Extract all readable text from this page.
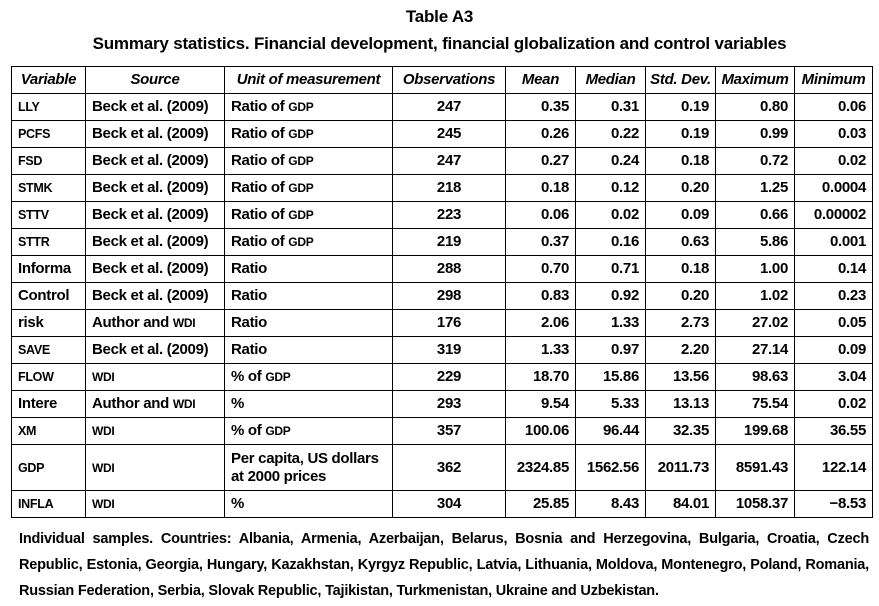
Table A3
Summary statistics. Financial development, financial globalization and control variables
Variable	Source	Unit of measurement	Observations	Mean	Median	Std. Dev.	Maximum	Minimum
LLY	Beck et al. (2009)	Ratio of GDP	247	0.35	0.31	0.19	0.80	0.06
PCFS	Beck et al. (2009)	Ratio of GDP	245	0.26	0.22	0.19	0.99	0.03
FSD	Beck et al. (2009)	Ratio of GDP	247	0.27	0.24	0.18	0.72	0.02
STMK	Beck et al. (2009)	Ratio of GDP	218	0.18	0.12	0.20	1.25	0.0004
STTV	Beck et al. (2009)	Ratio of GDP	223	0.06	0.02	0.09	0.66	0.00002
STTR	Beck et al. (2009)	Ratio of GDP	219	0.37	0.16	0.63	5.86	0.001
Informa	Beck et al. (2009)	Ratio	288	0.70	0.71	0.18	1.00	0.14
Control	Beck et al. (2009)	Ratio	298	0.83	0.92	0.20	1.02	0.23
risk	Author and WDI	Ratio	176	2.06	1.33	2.73	27.02	0.05
SAVE	Beck et al. (2009)	Ratio	319	1.33	0.97	2.20	27.14	0.09
FLOW	WDI	% of GDP	229	18.70	15.86	13.56	98.63	3.04
Intere	Author and WDI	%	293	9.54	5.33	13.13	75.54	0.02
XM	WDI	% of GDP	357	100.06	96.44	32.35	199.68	36.55
GDP	WDI	Per capita, US dollars at 2000 prices	362	2324.85	1562.56	2011.73	8591.43	122.14
INFLA	WDI	%	304	25.85	8.43	84.01	1058.37	−8.53

Individual samples. Countries: Albania, Armenia, Azerbaijan, Belarus, Bosnia and Herzegovina, Bulgaria, Croatia, Czech Republic, Estonia, Georgia, Hungary, Kazakhstan, Kyrgyz Republic, Latvia, Lithuania, Moldova, Montenegro, Poland, Romania, Russian Federation, Serbia, Slovak Republic, Tajikistan, Turkmenistan, Ukraine and Uzbekistan.
